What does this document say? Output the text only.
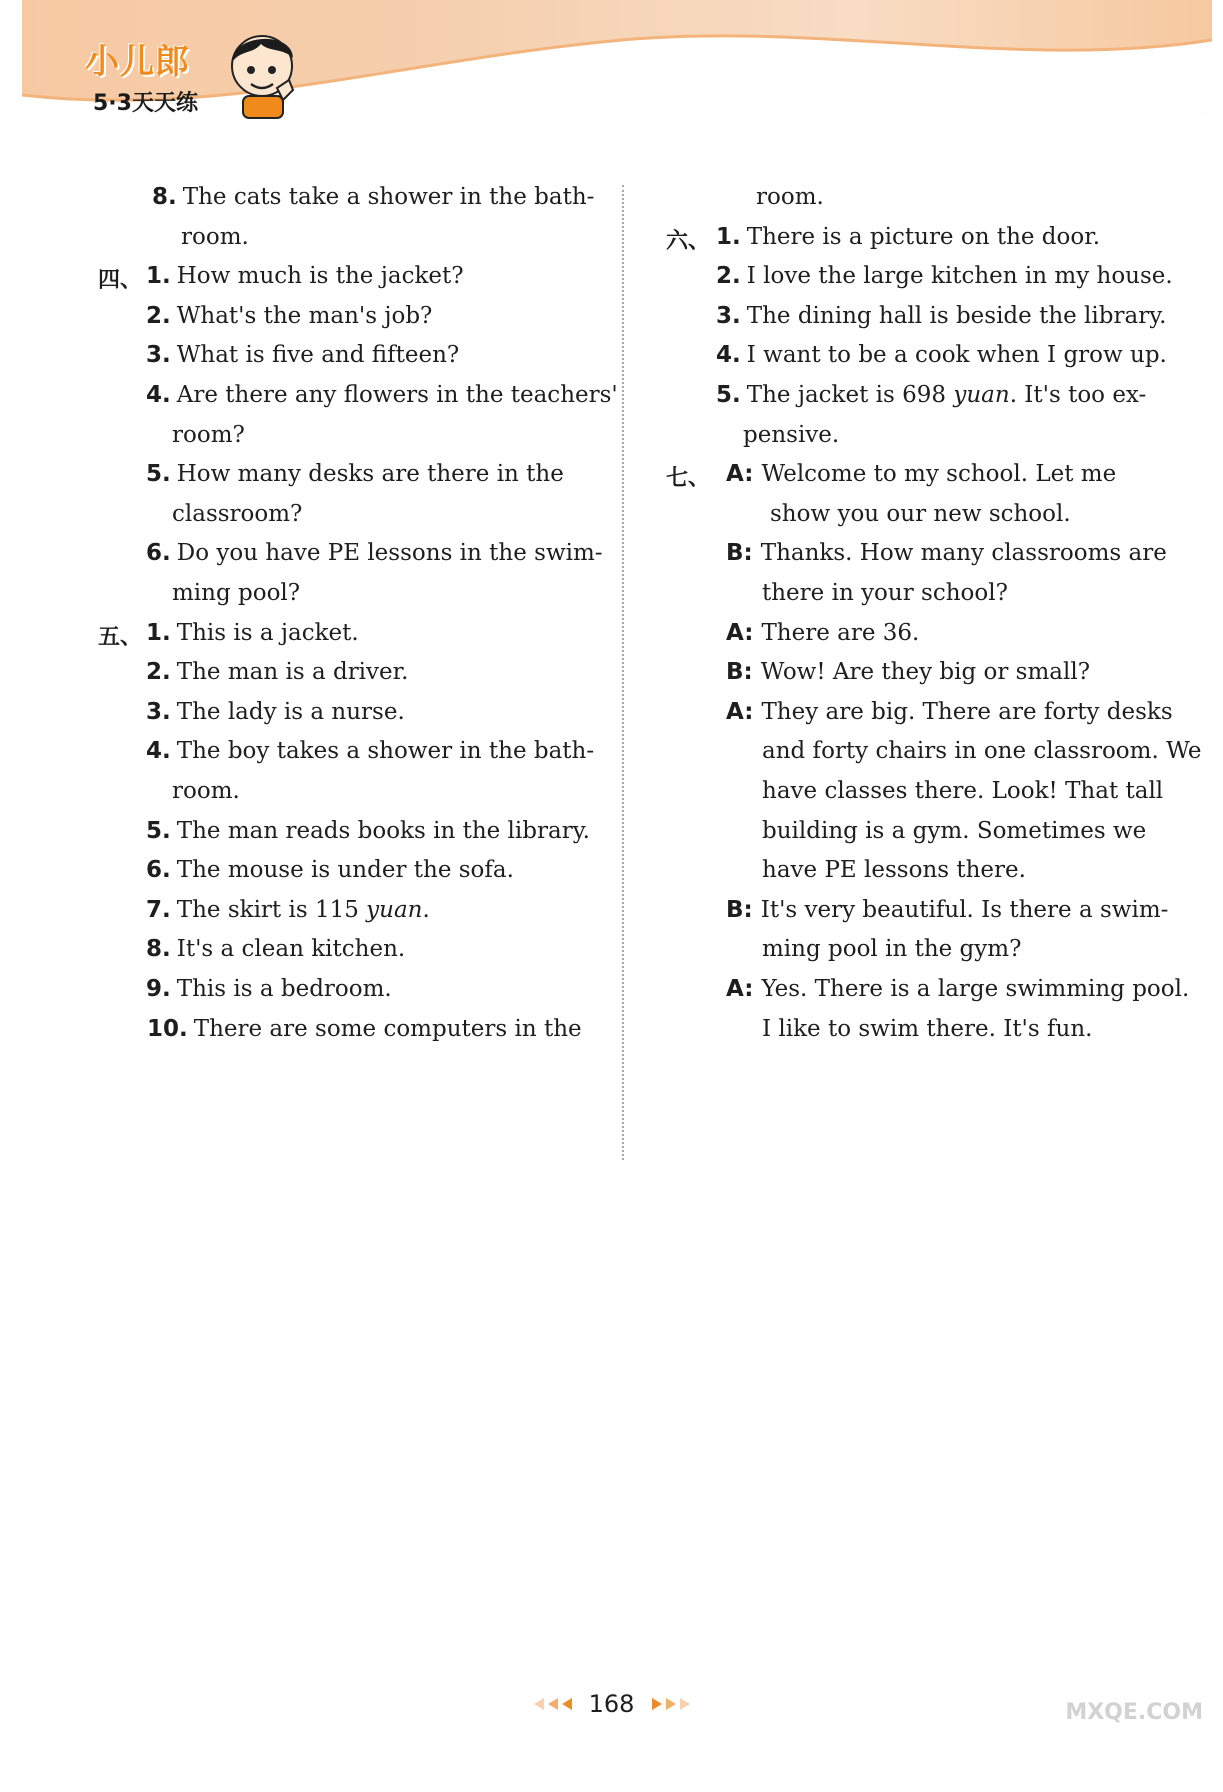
小儿郎
5·3天天练
8. The cats take a shower in the bath-
room.
四、 1. How much is the jacket?
2. What's the man's job?
3. What is five and fifteen?
4. Are there any flowers in the teachers'
room?
5. How many desks are there in the
classroom?
6. Do you have PE lessons in the swim-
ming pool?
五、 1. This is a jacket.
2. The man is a driver.
3. The lady is a nurse.
4. The boy takes a shower in the bath-
room.
5. The man reads books in the library.
6. The mouse is under the sofa.
7. The skirt is 115 yuan.
8. It's a clean kitchen.
9. This is a bedroom.
10. There are some computers in the
room.
六、 1. There is a picture on the door.
2. I love the large kitchen in my house.
3. The dining hall is beside the library.
4. I want to be a cook when I grow up.
5. The jacket is 698 yuan. It's too ex-
pensive.
七、 A: Welcome to my school. Let me
show you our new school.
B: Thanks. How many classrooms are
there in your school?
A: There are 36.
B: Wow! Are they big or small?
A: They are big. There are forty desks
and forty chairs in one classroom. We
have classes there. Look! That tall
building is a gym. Sometimes we
have PE lessons there.
B: It's very beautiful. Is there a swim-
ming pool in the gym?
A: Yes. There is a large swimming pool.
I like to swim there. It's fun.
168	MXQE.COM
